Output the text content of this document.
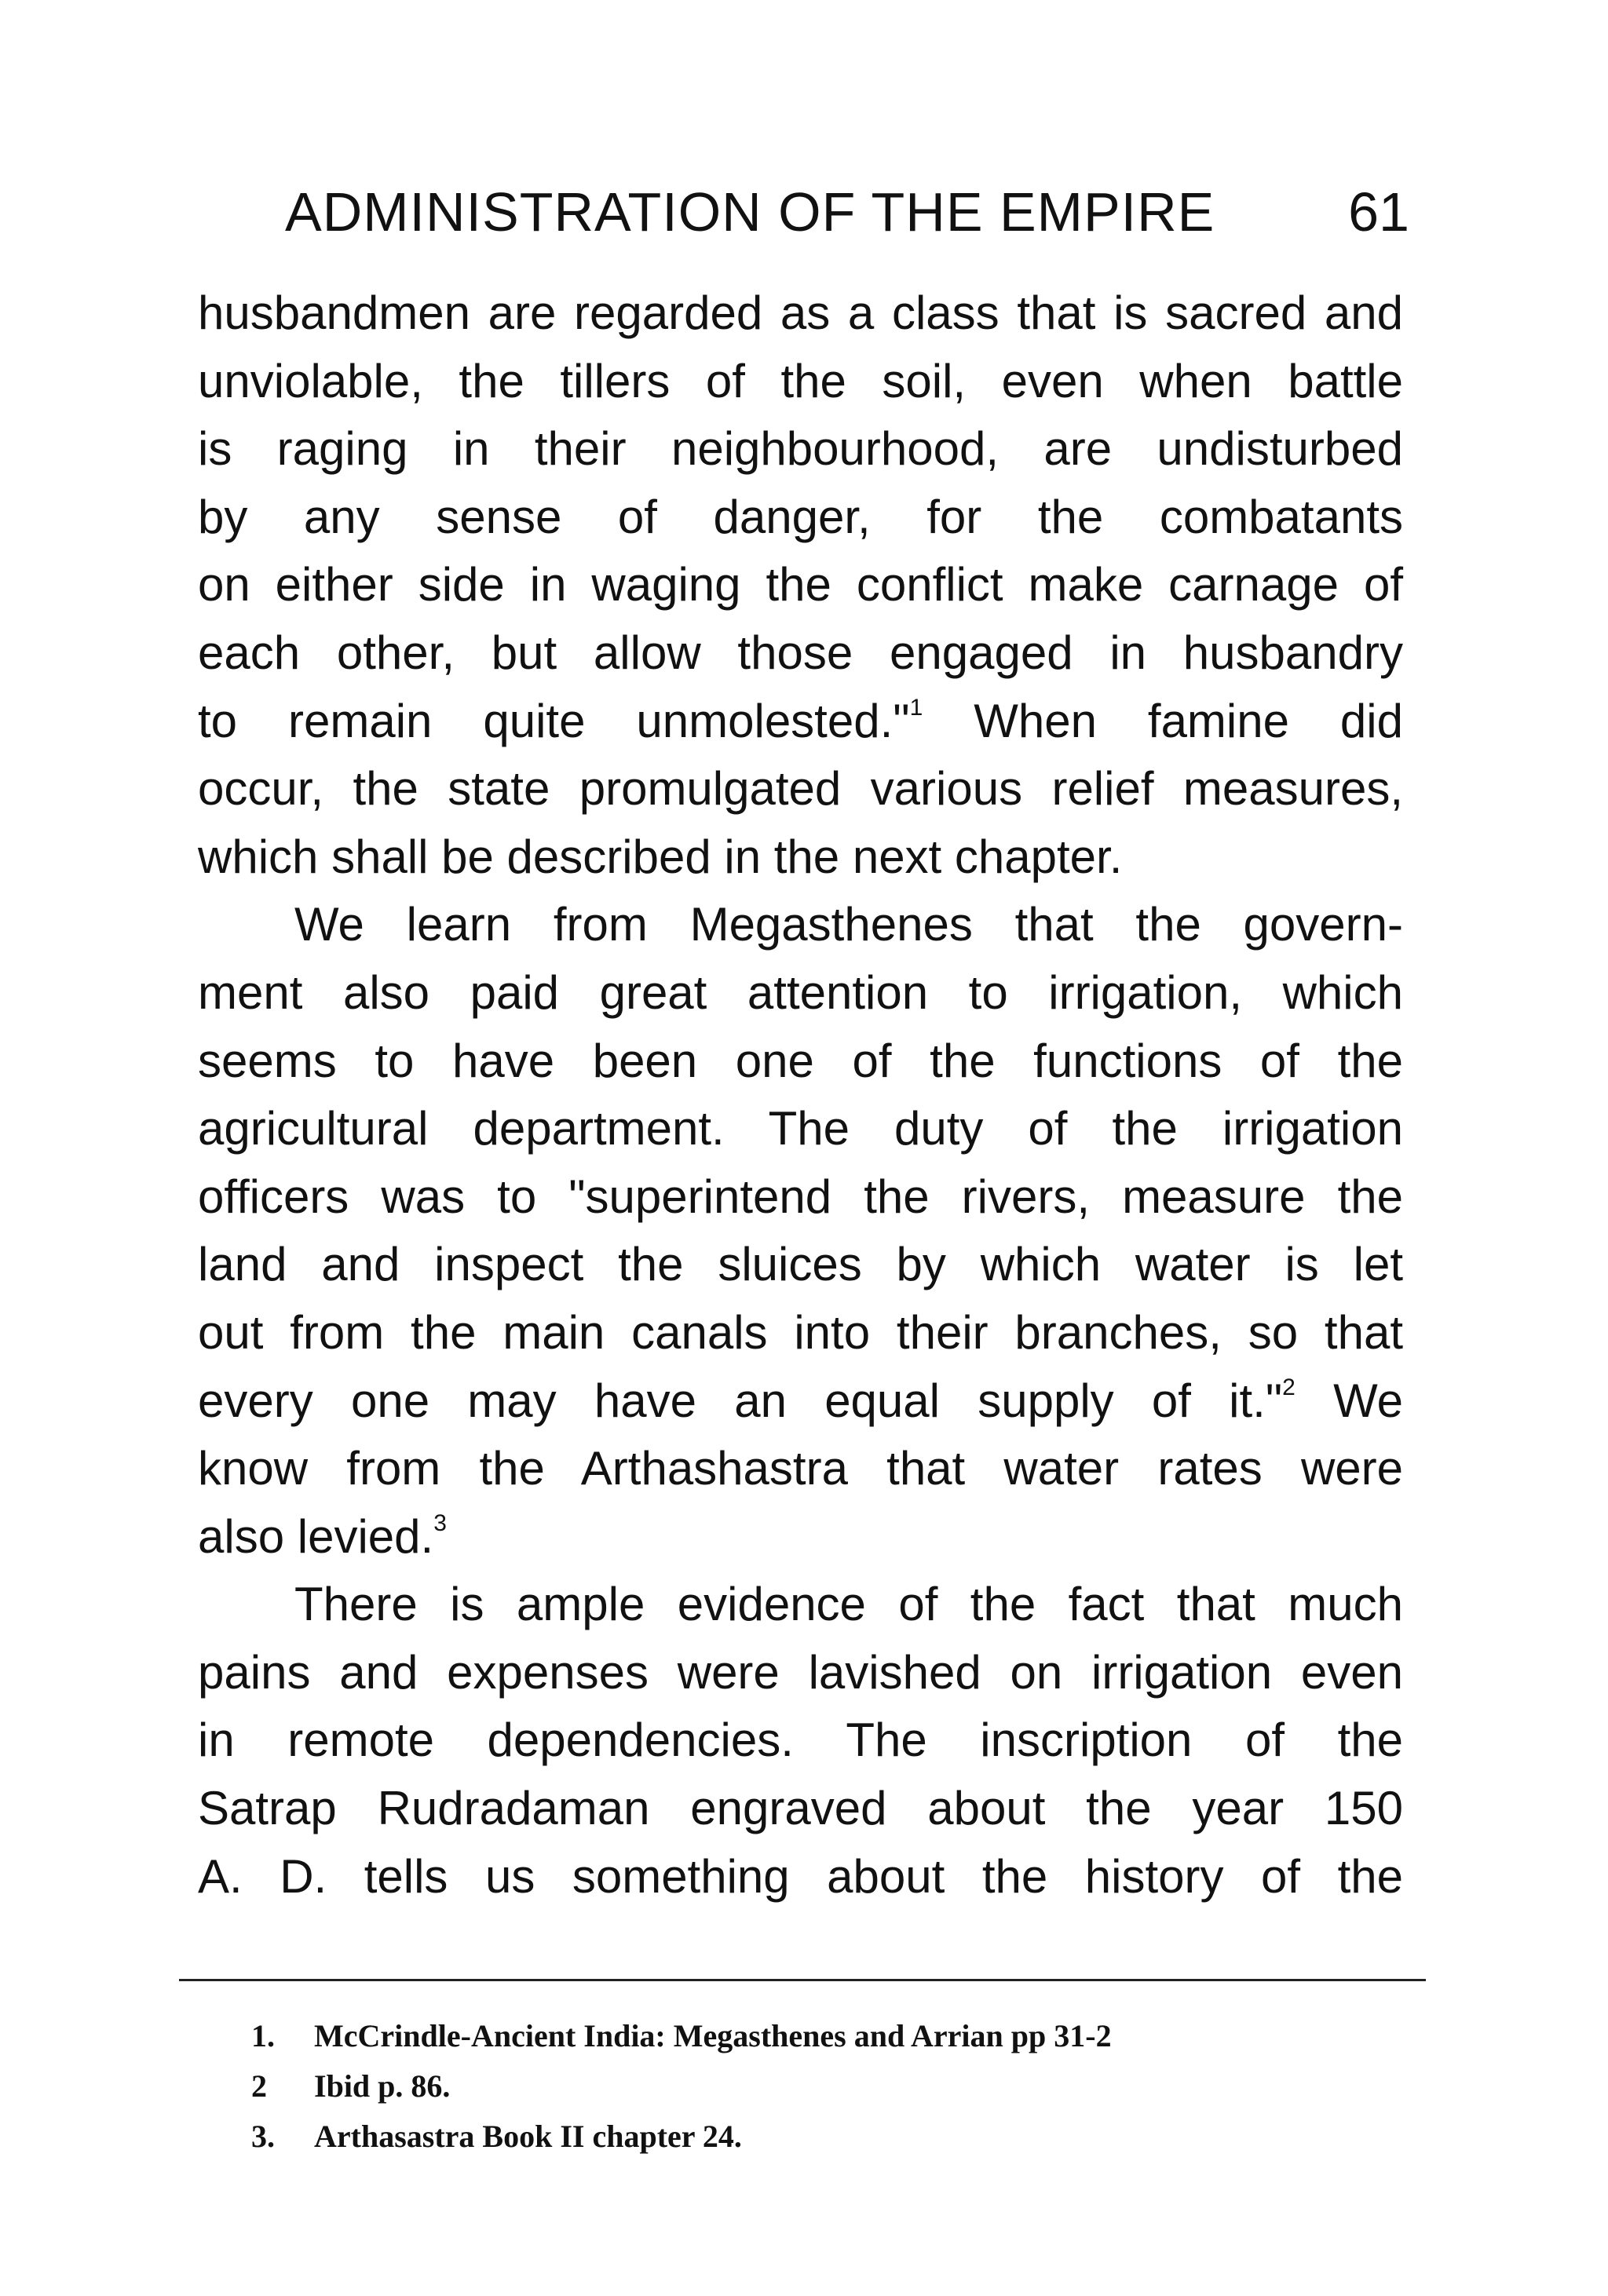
ADMINISTRATION OF THE EMPIRE 61
husbandmen are regarded as a class that is sacred and
unviolable, the tillers of the soil, even when battle
is raging in their neighbourhood, are undisturbed
by any sense of danger, for the combatants
on either side in waging the conflict make carnage of
each other, but allow those engaged in husbandry
to remain quite unmolested."$^1$ When famine did
occur, the state promulgated various relief measures,
which shall be described in the next chapter.
We learn from Megasthenes that the govern-
ment also paid great attention to irrigation, which
seems to have been one of the functions of the
agricultural department. The duty of the irrigation
officers was to "superintend the rivers, measure the
land and inspect the sluices by which water is let
out from the main canals into their branches, so that
every one may have an equal supply of it."$^2$ We
know from the Arthashastra that water rates were
also levied.$^3$
There is ample evidence of the fact that much
pains and expenses were lavished on irrigation even
in remote dependencies. The inscription of the
Satrap Rudradaman engraved about the year 150
A. D. tells us something about the history of the
1. McCrindle-Ancient India: Megasthenes and Arrian pp 31-2
2 Ibid p. 86.
3. Arthasastra Book II chapter 24.
